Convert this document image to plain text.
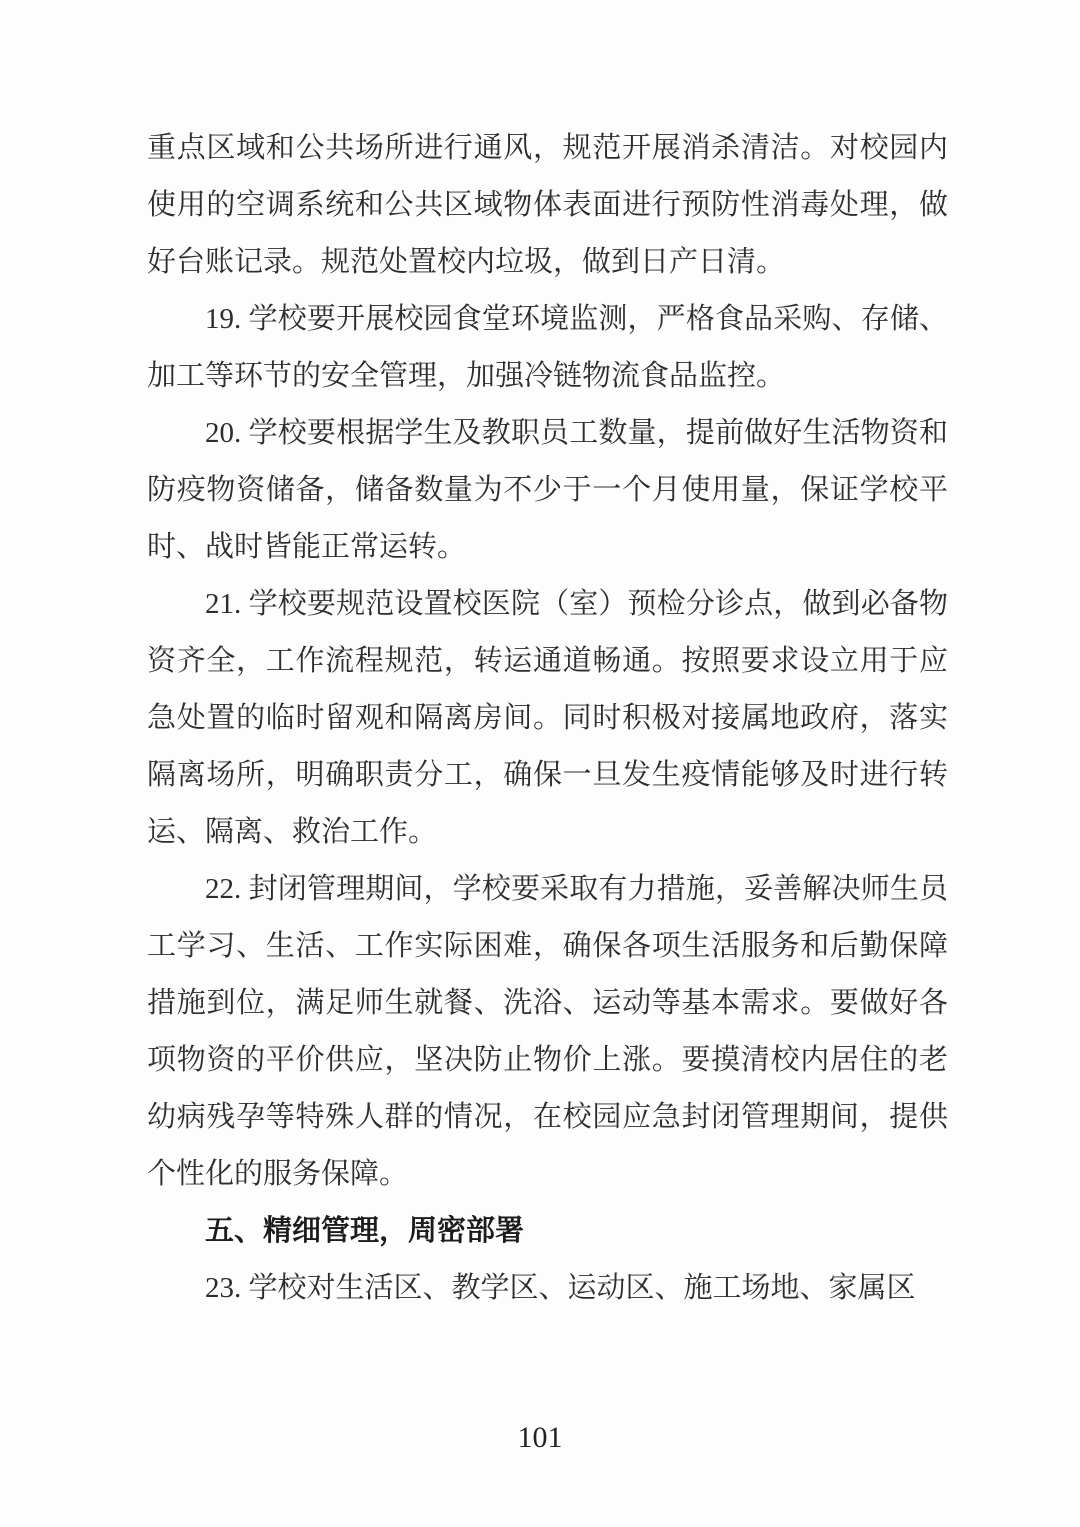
重点区域和公共场所进行通风，规范开展消杀清洁。对校园内使用的空调系统和公共区域物体表面进行预防性消毒处理，做好台账记录。规范处置校内垃圾，做到日产日清。

19. 学校要开展校园食堂环境监测，严格食品采购、存储、加工等环节的安全管理，加强冷链物流食品监控。

20. 学校要根据学生及教职员工数量，提前做好生活物资和防疫物资储备，储备数量为不少于一个月使用量，保证学校平时、战时皆能正常运转。

21. 学校要规范设置校医院（室）预检分诊点，做到必备物资齐全，工作流程规范，转运通道畅通。按照要求设立用于应急处置的临时留观和隔离房间。同时积极对接属地政府，落实隔离场所，明确职责分工，确保一旦发生疫情能够及时进行转运、隔离、救治工作。

22. 封闭管理期间，学校要采取有力措施，妥善解决师生员工学习、生活、工作实际困难，确保各项生活服务和后勤保障措施到位，满足师生就餐、洗浴、运动等基本需求。要做好各项物资的平价供应，坚决防止物价上涨。要摸清校内居住的老幼病残孕等特殊人群的情况，在校园应急封闭管理期间，提供个性化的服务保障。

五、精细管理，周密部署

23. 学校对生活区、教学区、运动区、施工场地、家属区

101
